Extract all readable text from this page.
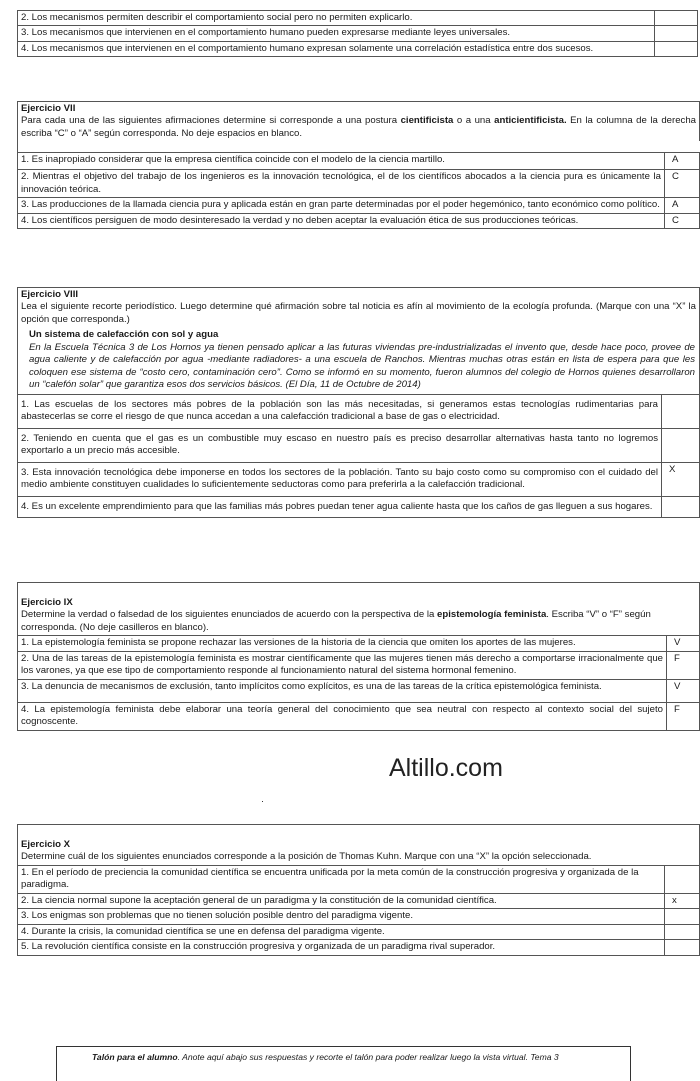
2. Los mecanismos permiten describir el comportamiento social pero no permiten explicarlo.	
3. Los mecanismos que intervienen en el comportamiento humano pueden expresarse mediante leyes universales.	
4. Los mecanismos que intervienen en el comportamiento humano expresan solamente una correlación estadística entre dos sucesos.	
Ejercicio VII
Para cada una de las siguientes afirmaciones determine si corresponde a una postura cientificista o a una anticientificista. En la columna de la derecha escriba “C” o “A” según corresponda. No deje espacios en blanco.
1. Es inapropiado considerar que la empresa científica coincide con el modelo de la ciencia martillo.	A
2. Mientras el objetivo del trabajo de los ingenieros es la innovación tecnológica, el de los científicos abocados a la ciencia pura es únicamente la innovación teórica.	C
3. Las producciones de la llamada ciencia pura y aplicada están en gran parte determinadas por el poder hegemónico, tanto económico como político.	A
4. Los científicos persiguen de modo desinteresado la verdad y no deben aceptar la evaluación ética de sus producciones teóricas.	C
Ejercicio VIII
Lea el siguiente recorte periodístico. Luego determine qué afirmación sobre tal noticia es afín al movimiento de la ecología profunda. (Marque con una “X” la opción que corresponda.)
Un sistema de calefacción con sol y agua
En la Escuela Técnica 3 de Los Hornos ya tienen pensado aplicar a las futuras viviendas pre-industrializadas el invento que, desde hace poco, provee de agua caliente y de calefacción por agua -mediante radiadores- a una escuela de Ranchos. Mientras muchas otras están en lista de espera para que les coloquen ese sistema de “costo cero, contaminación cero”. Como se informó en su momento, fueron alumnos del colegio de Hornos quienes desarrollaron un “calefón solar” que garantiza esos dos servicios básicos. (El Día, 11 de Octubre de 2014)
1. Las escuelas de los sectores más pobres de la población son las más necesitadas, si generamos estas tecnologías rudimentarias para abastecerlas se corre el riesgo de que nunca accedan a una calefacción tradicional a base de gas o electricidad.	
2. Teniendo en cuenta que el gas es un combustible muy escaso en nuestro país es preciso desarrollar alternativas hasta tanto no logremos exportarlo a un precio más accesible.	
3. Esta innovación tecnológica debe imponerse en todos los sectores de la población. Tanto su bajo costo como su compromiso con el cuidado del medio ambiente constituyen cualidades lo suficientemente seductoras como para preferirla a la calefacción tradicional.	X
4. Es un excelente emprendimiento para que las familias más pobres puedan tener agua caliente hasta que los caños de gas lleguen a sus hogares.	
Ejercicio IX
Determine la verdad o falsedad de los siguientes enunciados de acuerdo con la perspectiva de la epistemología feminista. Escriba “V” o “F” según corresponda. (No deje casilleros en blanco).
1. La epistemología feminista se propone rechazar las versiones de la historia de la ciencia que omiten los aportes de las mujeres.	V
2. Una de las tareas de la epistemología feminista es mostrar científicamente que las mujeres tienen más derecho a comportarse irracionalmente que los varones, ya que ese tipo de comportamiento responde al funcionamiento natural del sistema hormonal femenino.	F
3. La denuncia de mecanismos de exclusión, tanto implícitos como explícitos, es una de las tareas de la crítica epistemológica feminista.	V
4. La epistemología feminista debe elaborar una teoría general del conocimiento que sea neutral con respecto al contexto social del sujeto cognoscente.	F
Altillo.com
Ejercicio X
Determine cuál de los siguientes enunciados corresponde a la posición de Thomas Kuhn. Marque con una “X” la opción seleccionada.
1. En el período de preciencia la comunidad científica se encuentra unificada por la meta común de la construcción progresiva y organizada de la paradigma.	
2. La ciencia normal supone la aceptación general de un paradigma y la constitución de la comunidad científica.	x
3. Los enigmas son problemas que no tienen solución posible dentro del paradigma vigente.	
4. Durante la crisis, la comunidad científica se une en defensa del paradigma vigente.	
5. La revolución científica consiste en la construcción progresiva y organizada de un paradigma rival superador.	
Talón para el alumno. Anote aquí abajo sus respuestas y recorte el talón para poder realizar luego la vista virtual. Tema 3
